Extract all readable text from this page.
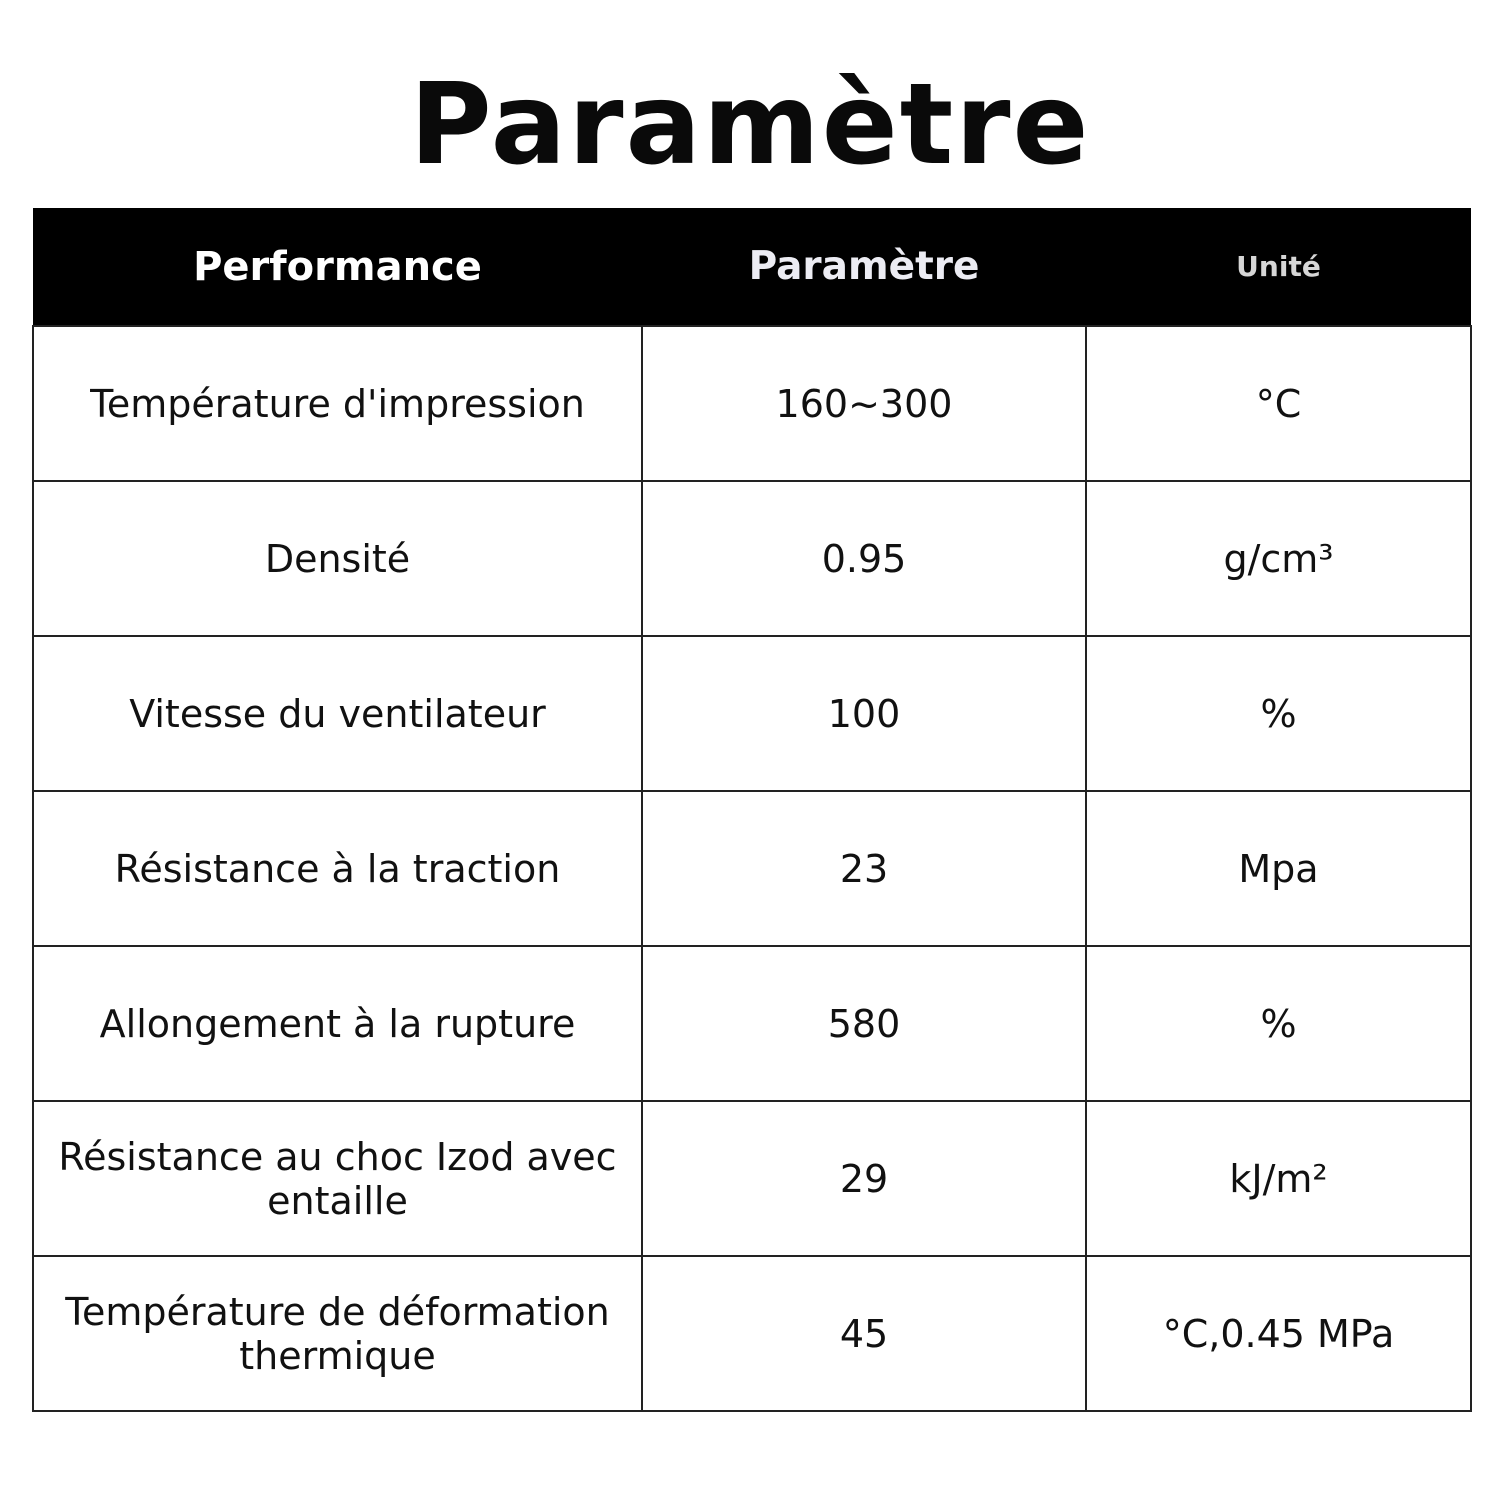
Paramètre
Performance	Paramètre	Unité
Température d'impression	160~300	°C
Densité	0.95	g/cm³
Vitesse du ventilateur	100	%
Résistance à la traction	23	Mpa
Allongement à la rupture	580	%
Résistance au choc Izod avec entaille	29	kJ/m²
Température de déformation thermique	45	°C,0.45 MPa
